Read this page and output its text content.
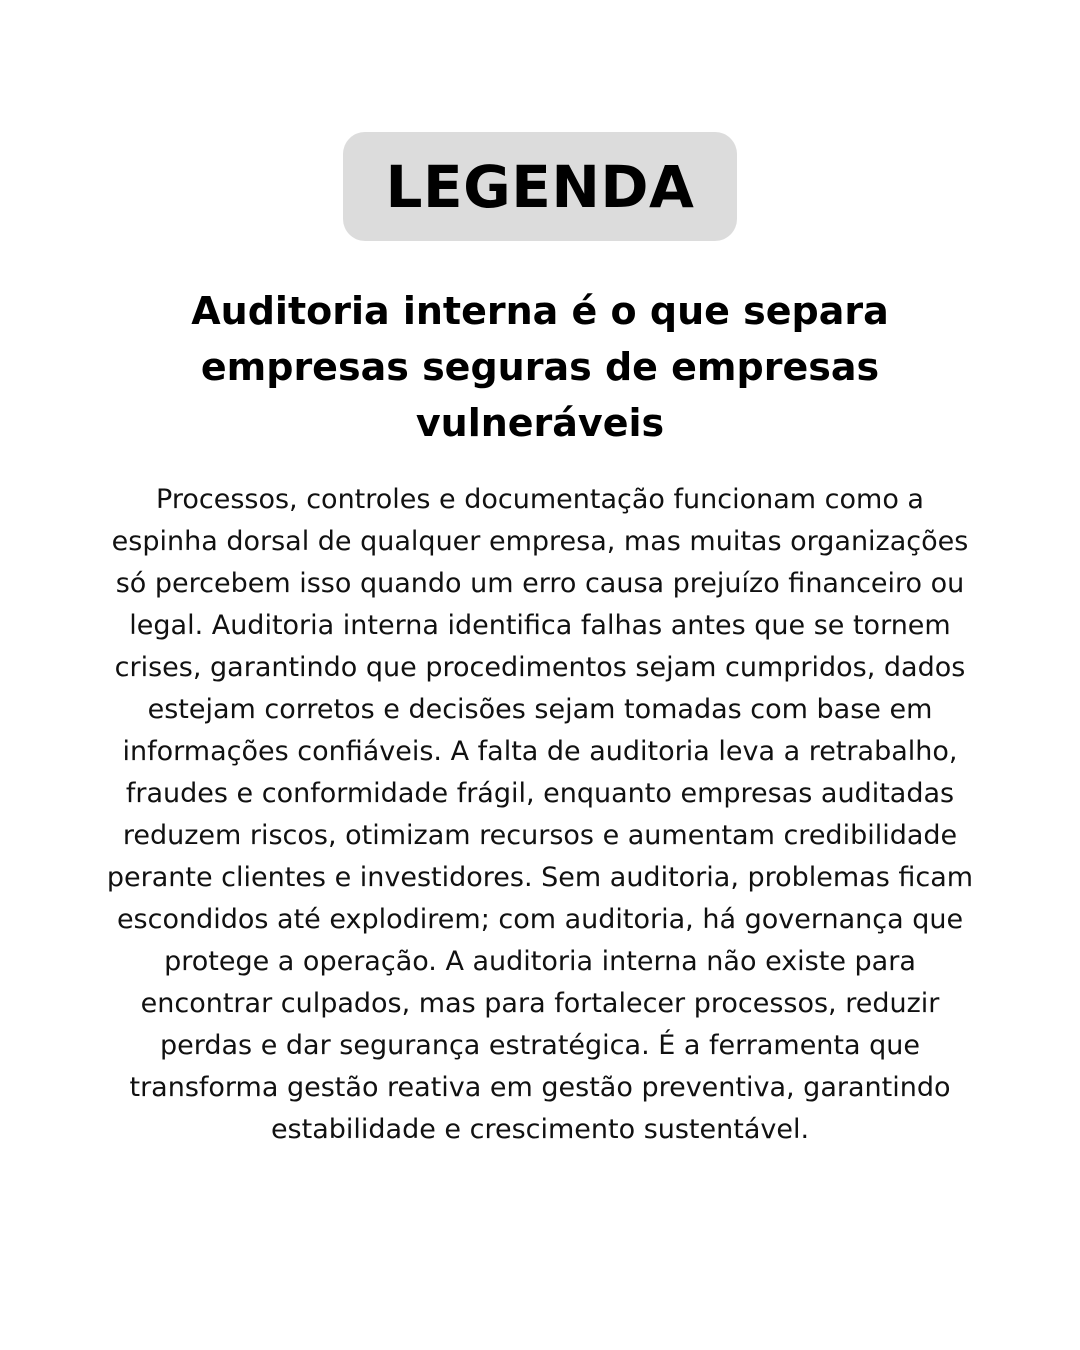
LEGENDA
Auditoria interna é o que separa empresas seguras de empresas vulneráveis

Processos, controles e documentação funcionam como a espinha dorsal de qualquer empresa, mas muitas organizações só percebem isso quando um erro causa prejuízo financeiro ou legal. Auditoria interna identifica falhas antes que se tornem crises, garantindo que procedimentos sejam cumpridos, dados estejam corretos e decisões sejam tomadas com base em informações confiáveis. A falta de auditoria leva a retrabalho, fraudes e conformidade frágil, enquanto empresas auditadas reduzem riscos, otimizam recursos e aumentam credibilidade perante clientes e investidores. Sem auditoria, problemas ficam escondidos até explodirem; com auditoria, há governança que protege a operação. A auditoria interna não existe para encontrar culpados, mas para fortalecer processos, reduzir perdas e dar segurança estratégica. É a ferramenta que transforma gestão reativa em gestão preventiva, garantindo estabilidade e crescimento sustentável.
